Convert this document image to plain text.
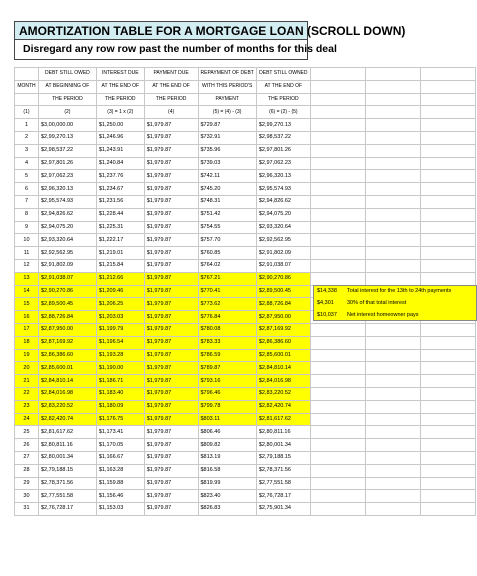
AMORTIZATION TABLE FOR A MORTGAGE LOAN (SCROLL DOWN)
Disregard any row row past the number of months for this deal
	DEBT STILL OWED	INTEREST DUE	PAYMENT DUE	REPAYMENT OF DEBT	DEBT STILL OWNED			
MONTH	AT BEGINNING OF	AT THE END OF	AT THE END OF	WITH THIS PERIOD'S	AT THE END OF			
	THE PERIOD	THE PERIOD	THE PERIOD	PAYMENT	THE PERIOD			
(1)	(2)	(3) = 1 x (2)	(4)	(5) = (4) - (3)	(6) = (2) - (5)			
1	$3,00,000.00	$1,250.00	$1,979.87	$729.87	$2,99,270.13			
2	$2,99,270.13	$1,246.96	$1,979.87	$732.91	$2,98,537.22			
3	$2,98,537.22	$1,243.91	$1,979.87	$735.96	$2,97,801.26			
4	$2,97,801.26	$1,240.84	$1,979.87	$739.03	$2,97,062.23			
5	$2,97,062.23	$1,237.76	$1,979.87	$742.11	$2,96,320.13			
6	$2,96,320.13	$1,234.67	$1,979.87	$745.20	$2,95,574.93			
7	$2,95,574.93	$1,231.56	$1,979.87	$748.31	$2,94,826.62			
8	$2,94,826.62	$1,228.44	$1,979.87	$751.42	$2,94,075.20			
9	$2,94,075.20	$1,225.31	$1,979.87	$754.55	$2,93,320.64			
10	$2,93,320.64	$1,222.17	$1,979.87	$757.70	$2,92,562.95			
11	$2,92,562.95	$1,219.01	$1,979.87	$760.85	$2,91,802.09			
12	$2,91,802.09	$1,215.84	$1,979.87	$764.02	$2,91,038.07			
13	$2,91,038.07	$1,212.66	$1,979.87	$767.21	$2,90,270.86			
14	$2,90,270.86	$1,209.46	$1,979.87	$770.41	$2,89,500.45			
15	$2,89,500.45	$1,206.25	$1,979.87	$773.62	$2,88,726.84			
16	$2,88,726.84	$1,203.03	$1,979.87	$776.84	$2,87,950.00			
17	$2,87,950.00	$1,199.79	$1,979.87	$780.08	$2,87,169.92			
18	$2,87,169.92	$1,196.54	$1,979.87	$783.33	$2,86,386.60			
19	$2,86,386.60	$1,193.28	$1,979.87	$786.59	$2,85,600.01			
20	$2,85,600.01	$1,190.00	$1,979.87	$789.87	$2,84,810.14			
21	$2,84,810.14	$1,186.71	$1,979.87	$793.16	$2,84,016.98			
22	$2,84,016.98	$1,183.40	$1,979.87	$796.46	$2,83,220.52			
23	$2,83,220.52	$1,180.09	$1,979.87	$799.78	$2,82,420.74			
24	$2,82,420.74	$1,176.75	$1,979.87	$803.11	$2,81,617.62			
25	$2,81,617.62	$1,173.41	$1,979.87	$806.46	$2,80,811.16			
26	$2,80,811.16	$1,170.05	$1,979.87	$809.82	$2,80,001.34			
27	$2,80,001.34	$1,166.67	$1,979.87	$813.19	$2,79,188.15			
28	$2,79,188.15	$1,163.28	$1,979.87	$816.58	$2,78,371.56			
29	$2,78,371.56	$1,159.88	$1,979.87	$819.99	$2,77,551.58			
30	$2,77,551.58	$1,156.46	$1,979.87	$823.40	$2,76,728.17			
31	$2,76,728.17	$1,153.03	$1,979.87	$826.83	$2,75,901.34			
$14,338 Total interest for the 13th to 24th payments
$4,301 30% of that total interest
$10,037 Net interest homeowner pays
